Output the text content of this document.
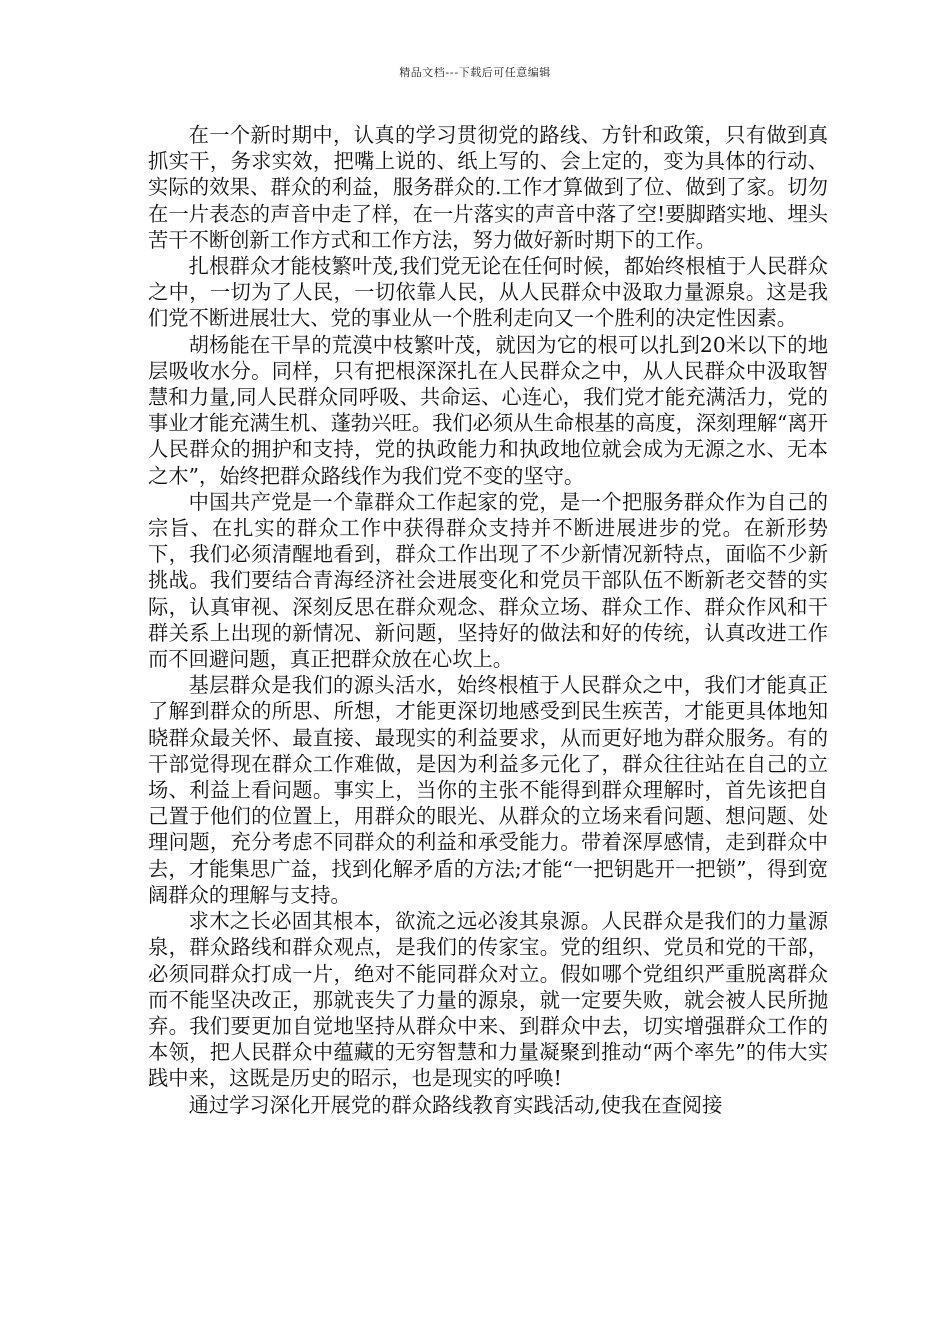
精品文档---下载后可任意编辑

在一个新时期中，认真的学习贯彻党的路线、方针和政策，只有做到真抓实干，务求实效，把嘴上说的、纸上写的、会上定的，变为具体的行动、实际的效果、群众的利益，服务群众的.工作才算做到了位、做到了家。切勿在一片表态的声音中走了样，在一片落实的声音中落了空!要脚踏实地、埋头苦干不断创新工作方式和工作方法，努力做好新时期下的工作。

扎根群众才能枝繁叶茂,我们党无论在任何时候，都始终根植于人民群众之中，一切为了人民，一切依靠人民，从人民群众中汲取力量源泉。这是我们党不断进展壮大、党的事业从一个胜利走向又一个胜利的决定性因素。

胡杨能在干旱的荒漠中枝繁叶茂，就因为它的根可以扎到20米以下的地层吸收水分。同样，只有把根深深扎在人民群众之中，从人民群众中汲取智慧和力量,同人民群众同呼吸、共命运、心连心，我们党才能充满活力，党的事业才能充满生机、蓬勃兴旺。我们必须从生命根基的高度，深刻理解“离开人民群众的拥护和支持，党的执政能力和执政地位就会成为无源之水、无本之木”，始终把群众路线作为我们党不变的坚守。

中国共产党是一个靠群众工作起家的党，是一个把服务群众作为自己的宗旨、在扎实的群众工作中获得群众支持并不断进展进步的党。在新形势下，我们必须清醒地看到，群众工作出现了不少新情况新特点，面临不少新挑战。我们要结合青海经济社会进展变化和党员干部队伍不断新老交替的实际，认真审视、深刻反思在群众观念、群众立场、群众工作、群众作风和干群关系上出现的新情况、新问题，坚持好的做法和好的传统，认真改进工作而不回避问题，真正把群众放在心坎上。

基层群众是我们的源头活水，始终根植于人民群众之中，我们才能真正了解到群众的所思、所想，才能更深切地感受到民生疾苦，才能更具体地知晓群众最关怀、最直接、最现实的利益要求，从而更好地为群众服务。有的干部觉得现在群众工作难做，是因为利益多元化了，群众往往站在自己的立场、利益上看问题。事实上，当你的主张不能得到群众理解时，首先该把自己置于他们的位置上，用群众的眼光、从群众的立场来看问题、想问题、处理问题，充分考虑不同群众的利益和承受能力。带着深厚感情，走到群众中去，才能集思广益，找到化解矛盾的方法;才能“一把钥匙开一把锁”，得到宽阔群众的理解与支持。

求木之长必固其根本，欲流之远必浚其泉源。人民群众是我们的力量源泉，群众路线和群众观点，是我们的传家宝。党的组织、党员和党的干部，必须同群众打成一片，绝对不能同群众对立。假如哪个党组织严重脱离群众而不能坚决改正，那就丧失了力量的源泉，就一定要失败，就会被人民所抛弃。我们要更加自觉地坚持从群众中来、到群众中去，切实增强群众工作的本领，把人民群众中蕴藏的无穷智慧和力量凝聚到推动“两个率先”的伟大实践中来，这既是历史的昭示，也是现实的呼唤!

通过学习深化开展党的群众路线教育实践活动,使我在查阅接
